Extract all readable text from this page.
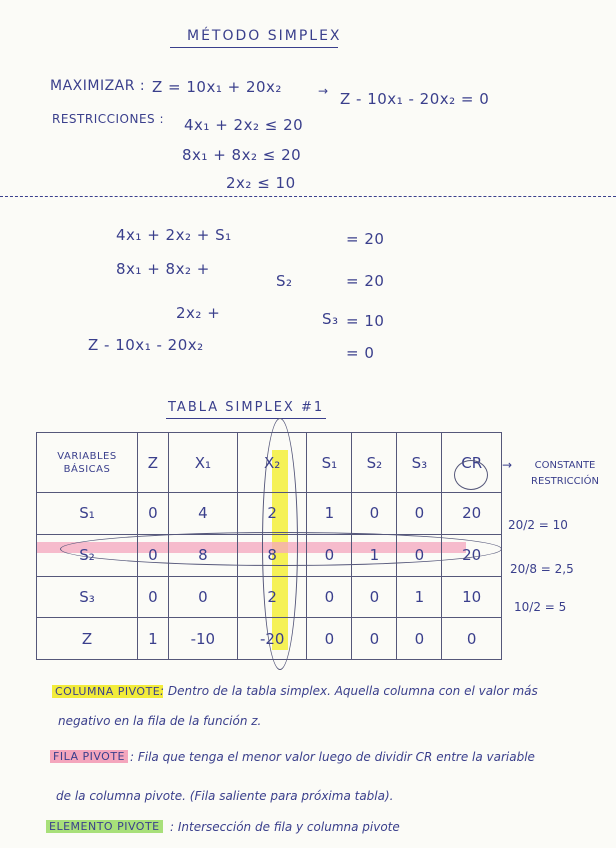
MÉTODO SIMPLEX
MAXIMIZAR : Z = 10x₁ + 20x₂	→ Z - 10x₁ - 20x₂ = 0
RESTRICCIONES : 4x₁ + 2x₂ ≤ 20
8x₁ + 8x₂ ≤ 20
2x₂ ≤ 10
4x₁ + 2x₂ + S₁	= 20
8x₁ + 8x₂ +
S₂	= 20
2x₂ +	S₃ = 10
Z - 10x₁ - 20x₂	= 0
TABLA SIMPLEX #1
VARIABLES BÁSICAS	Z	X₁	X₂	S₁	S₂	S₃	CR
S₁	0	4	2	1	0	0	20
S₂	0	8	8	0	1	0	20
S₃	0	0	2	0	0	1	10
Z	1	-10	-20	0	0	0	0
→	CONSTANTE RESTRICCIÓN
20/2 = 10
20/8 = 2,5
10/2 = 5
COLUMNA PIVOTE : Dentro de la tabla simplex. Aquella columna con el valor más
negativo en la fila de la función z.
FILA PIVOTE : Fila que tenga el menor valor luego de dividir CR entre la variable
de la columna pivote. (Fila saliente para próxima tabla).
ELEMENTO PIVOTE : Intersección de fila y columna pivote
